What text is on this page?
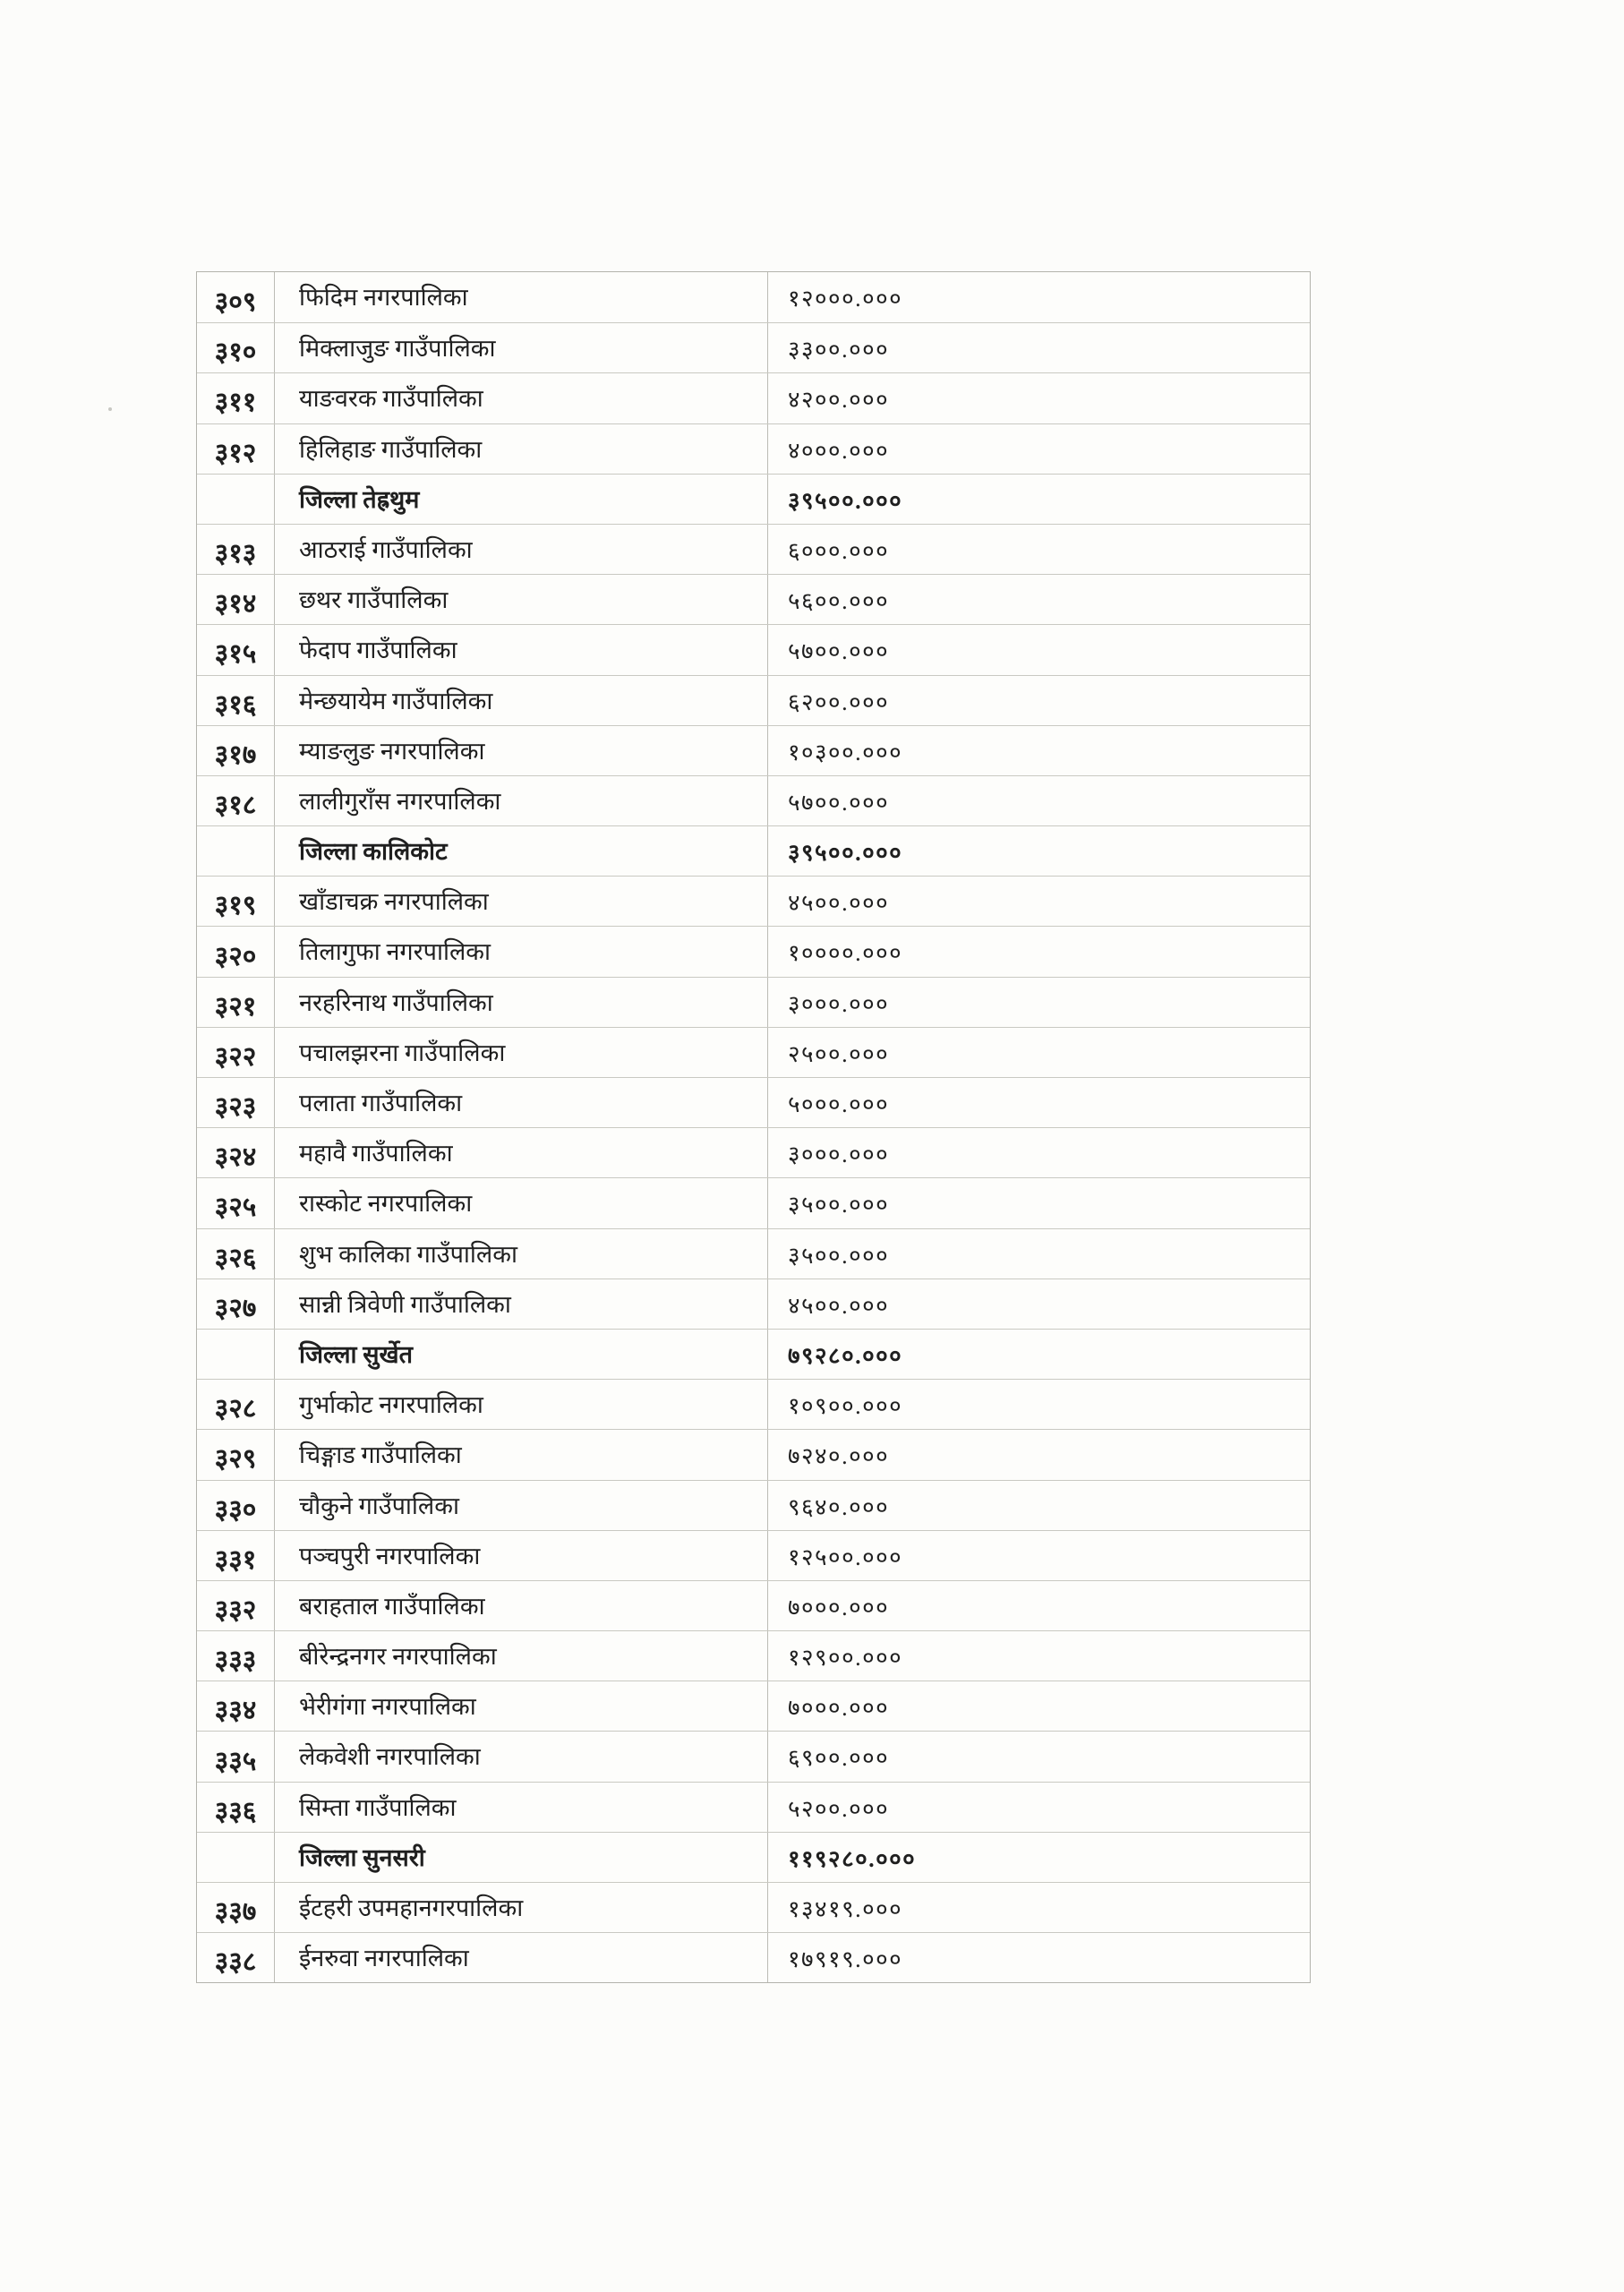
३०९	फिदिम नगरपालिका	१२०००.०००
३१०	मिक्लाजुङ गाउँपालिका	३३००.०००
३११	याङवरक गाउँपालिका	४२००.०००
३१२	हिलिहाङ गाउँपालिका	४०००.०००
जिल्ला तेह्रथुम	३९५००.०००
३१३	आठराई गाउँपालिका	६०००.०००
३१४	छथर गाउँपालिका	५६००.०००
३१५	फेदाप गाउँपालिका	५७००.०००
३१६	मेन्छयायेम गाउँपालिका	६२००.०००
३१७	म्याङलुङ नगरपालिका	१०३००.०००
३१८	लालीगुराँस नगरपालिका	५७००.०००
जिल्ला कालिकोट	३९५००.०००
३१९	खाँडाचक्र नगरपालिका	४५००.०००
३२०	तिलागुफा नगरपालिका	१००००.०००
३२१	नरहरिनाथ गाउँपालिका	३०००.०००
३२२	पचालझरना गाउँपालिका	२५००.०००
३२३	पलाता गाउँपालिका	५०००.०००
३२४	महावै गाउँपालिका	३०००.०००
३२५	रास्कोट नगरपालिका	३५००.०००
३२६	शुभ कालिका गाउँपालिका	३५००.०००
३२७	सान्नी त्रिवेणी गाउँपालिका	४५००.०००
जिल्ला सुर्खेत	७९२८०.०००
३२८	गुर्भाकोट नगरपालिका	१०९००.०००
३२९	चिङ्गाड गाउँपालिका	७२४०.०००
३३०	चौकुने गाउँपालिका	९६४०.०००
३३१	पञ्चपुरी नगरपालिका	१२५००.०००
३३२	बराहताल गाउँपालिका	७०००.०००
३३३	बीरेन्द्रनगर नगरपालिका	१२९००.०००
३३४	भेरीगंगा नगरपालिका	७०००.०००
३३५	लेकवेशी नगरपालिका	६९००.०००
३३६	सिम्ता गाउँपालिका	५२००.०००
जिल्ला सुनसरी	११९२८०.०००
३३७	ईटहरी उपमहानगरपालिका	१३४१९.०००
३३८	ईनरुवा नगरपालिका	१७९१९.०००
